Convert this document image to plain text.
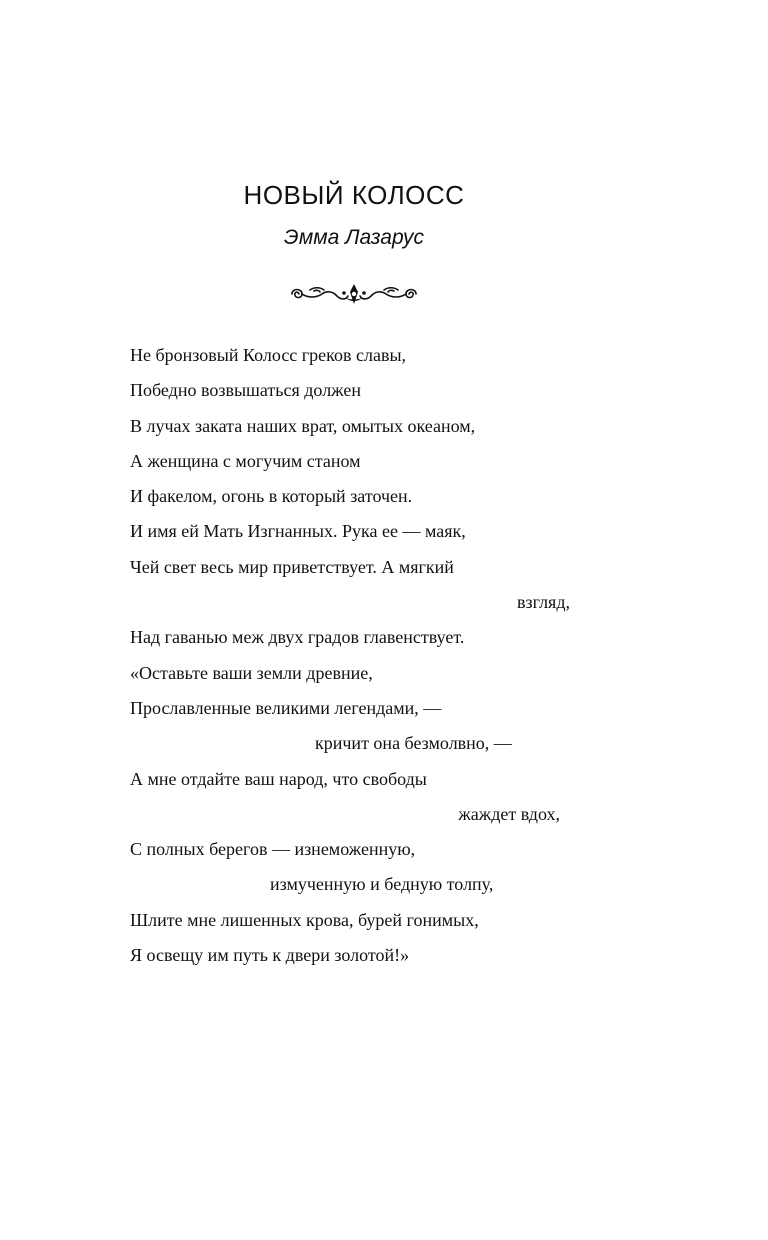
НОВЫЙ КОЛОСС
Эмма Лазарус
Не бронзовый Колосс греков славы,
Победно возвышаться должен
В лучах заката наших врат, омытых океаном,
А женщина с могучим станом
И факелом, огонь в который заточен.
И имя ей Мать Изгнанных. Рука ее — маяк,
Чей свет весь мир приветствует. А мягкий
взгляд,
Над гаванью меж двух градов главенствует.
«Оставьте ваши земли древние,
Прославленные великими легендами, —
кричит она безмолвно, —
А мне отдайте ваш народ, что свободы
жаждет вдох,
С полных берегов — изнеможенную,
измученную и бедную толпу,
Шлите мне лишенных крова, бурей гонимых,
Я освещу им путь к двери золотой!»
